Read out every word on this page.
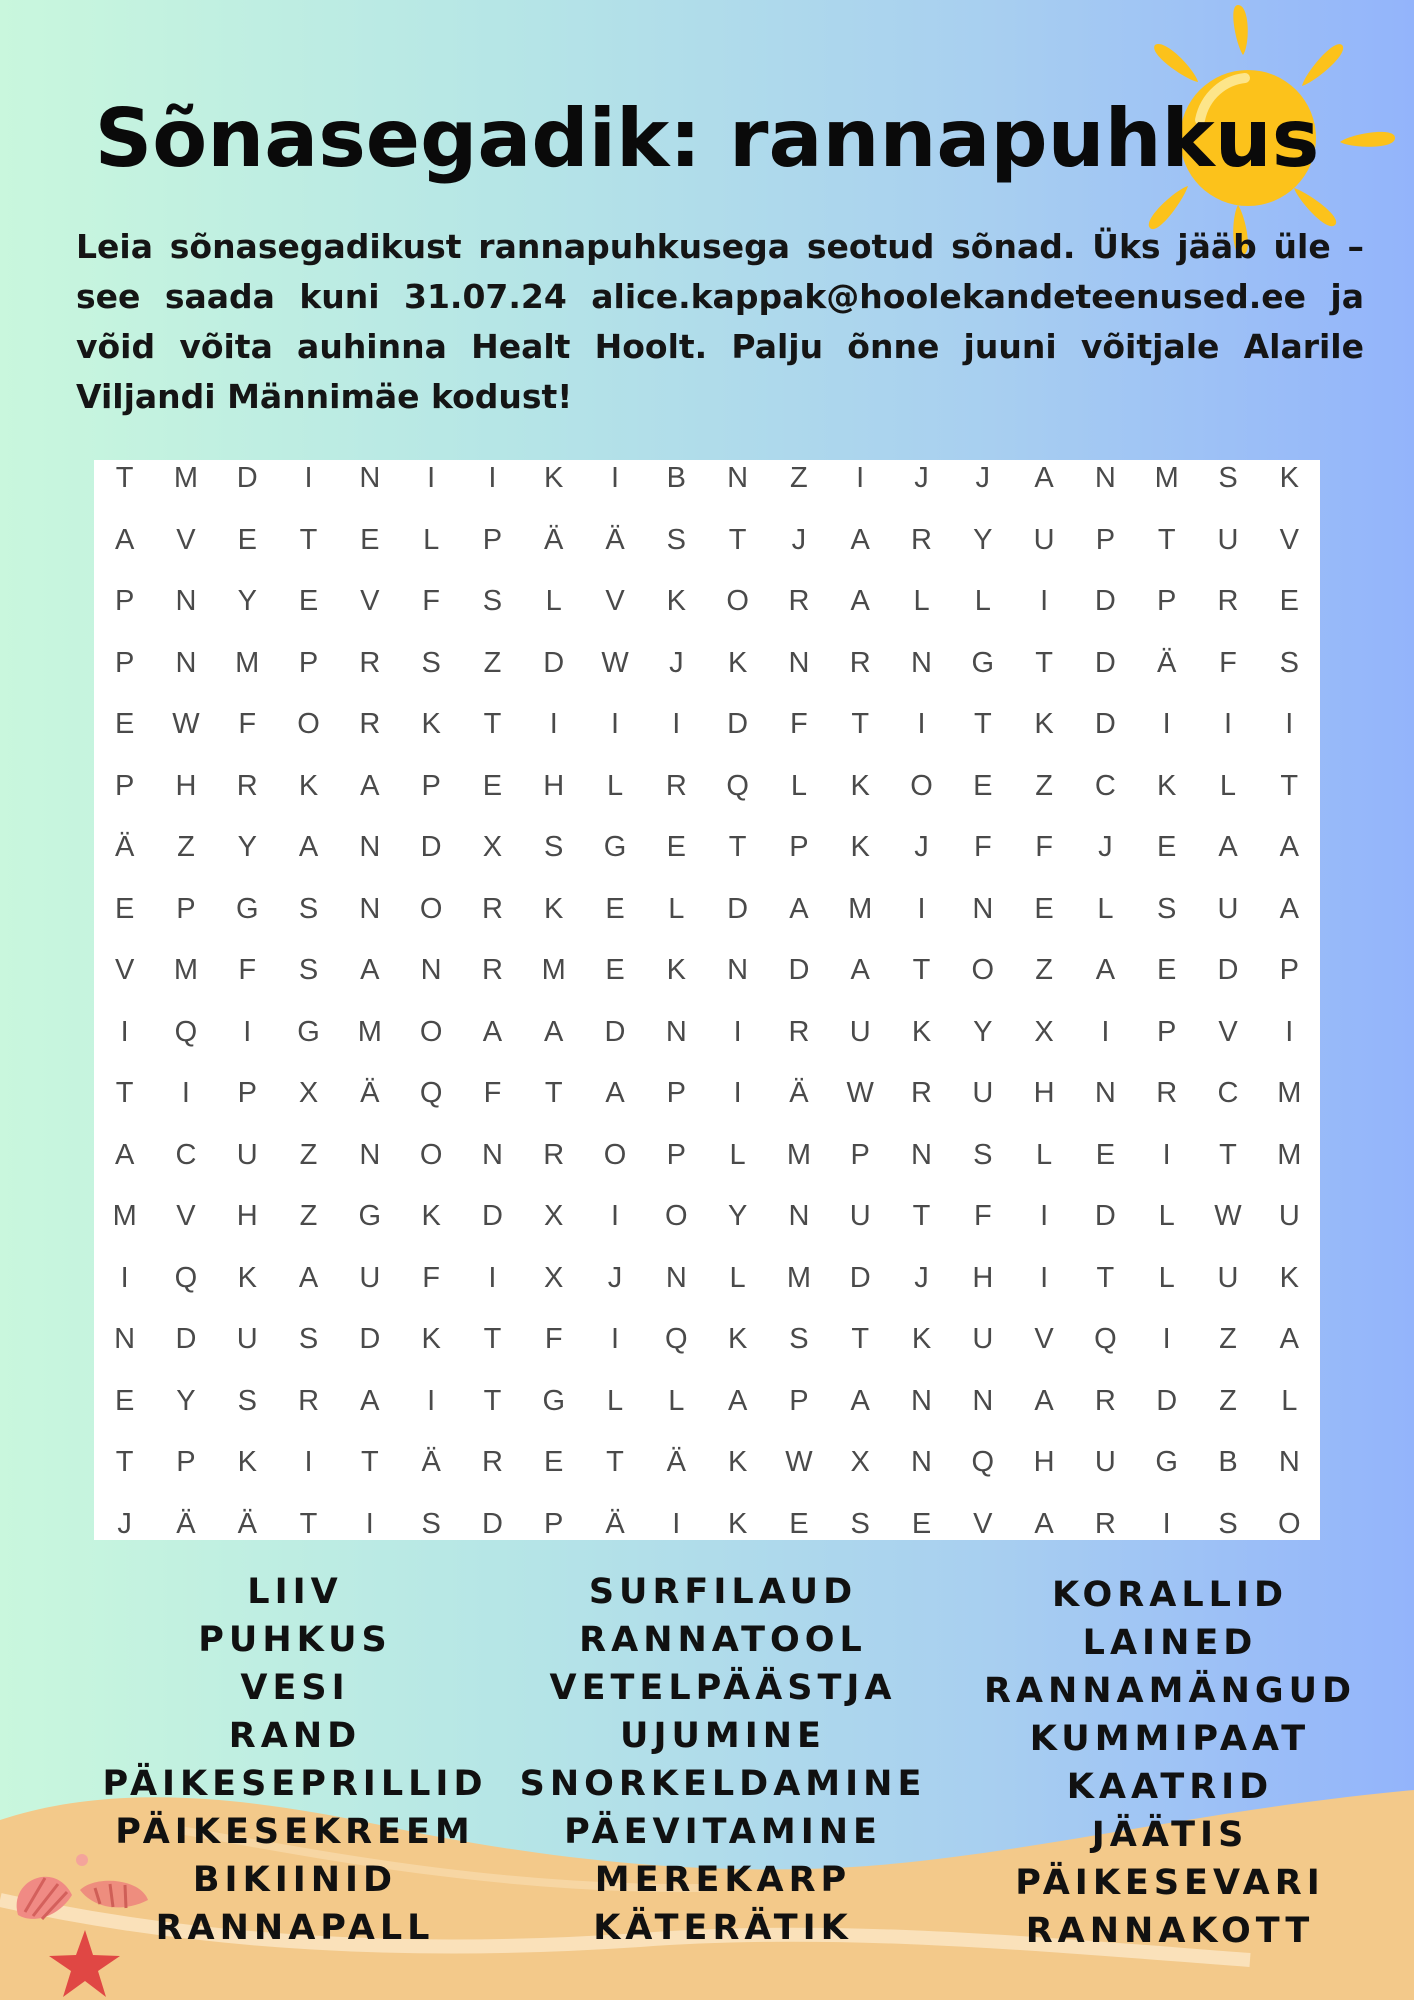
Sõnasegadik: rannapuhkus

Leia sõnasegadikust rannapuhkusega seotud sõnad. Üks jääb üle – see saada kuni 31.07.24 alice.kappak@hoolekandeteenused.ee ja võid võita auhinna Healt Hoolt. Palju õnne juuni võitjale Alarile Viljandi Männimäe kodust!

T	M	D	I	N	I	I	K	I	B	N	Z	I	J	J	A	N	M	S	K
A	V	E	T	E	L	P	Ä	Ä	S	T	J	A	R	Y	U	P	T	U	V
P	N	Y	E	V	F	S	L	V	K	O	R	A	L	L	I	D	P	R	E
P	N	M	P	R	S	Z	D	W	J	K	N	R	N	G	T	D	Ä	F	S
E	W	F	O	R	K	T	I	I	I	D	F	T	I	T	K	D	I	I	I
P	H	R	K	A	P	E	H	L	R	Q	L	K	O	E	Z	C	K	L	T
Ä	Z	Y	A	N	D	X	S	G	E	T	P	K	J	F	F	J	E	A	A
E	P	G	S	N	O	R	K	E	L	D	A	M	I	N	E	L	S	U	A
V	M	F	S	A	N	R	M	E	K	N	D	A	T	O	Z	A	E	D	P
I	Q	I	G	M	O	A	A	D	N	I	R	U	K	Y	X	I	P	V	I
T	I	P	X	Ä	Q	F	T	A	P	I	Ä	W	R	U	H	N	R	C	M
A	C	U	Z	N	O	N	R	O	P	L	M	P	N	S	L	E	I	T	M
M	V	H	Z	G	K	D	X	I	O	Y	N	U	T	F	I	D	L	W	U
I	Q	K	A	U	F	I	X	J	N	L	M	D	J	H	I	T	L	U	K
N	D	U	S	D	K	T	F	I	Q	K	S	T	K	U	V	Q	I	Z	A
E	Y	S	R	A	I	T	G	L	L	A	P	A	N	N	A	R	D	Z	L
T	P	K	I	T	Ä	R	E	T	Ä	K	W	X	N	Q	H	U	G	B	N
J	Ä	Ä	T	I	S	D	P	Ä	I	K	E	S	E	V	A	R	I	S	O
LIIV
PUHKUS
VESI
RAND
PÄIKESEPRILLID
PÄIKESEKREEM
BIKIINID
RANNAPALL
SURFILAUD
RANNATOOL
VETELPÄÄSTJA
UJUMINE
SNORKELDAMINE
PÄEVITAMINE
MEREKARP
KÄTERÄTIK
KORALLID
LAINED
RANNAMÄNGUD
KUMMIPAAT
KAATRID
JÄÄTIS
PÄIKESEVARI
RANNAKOTT
